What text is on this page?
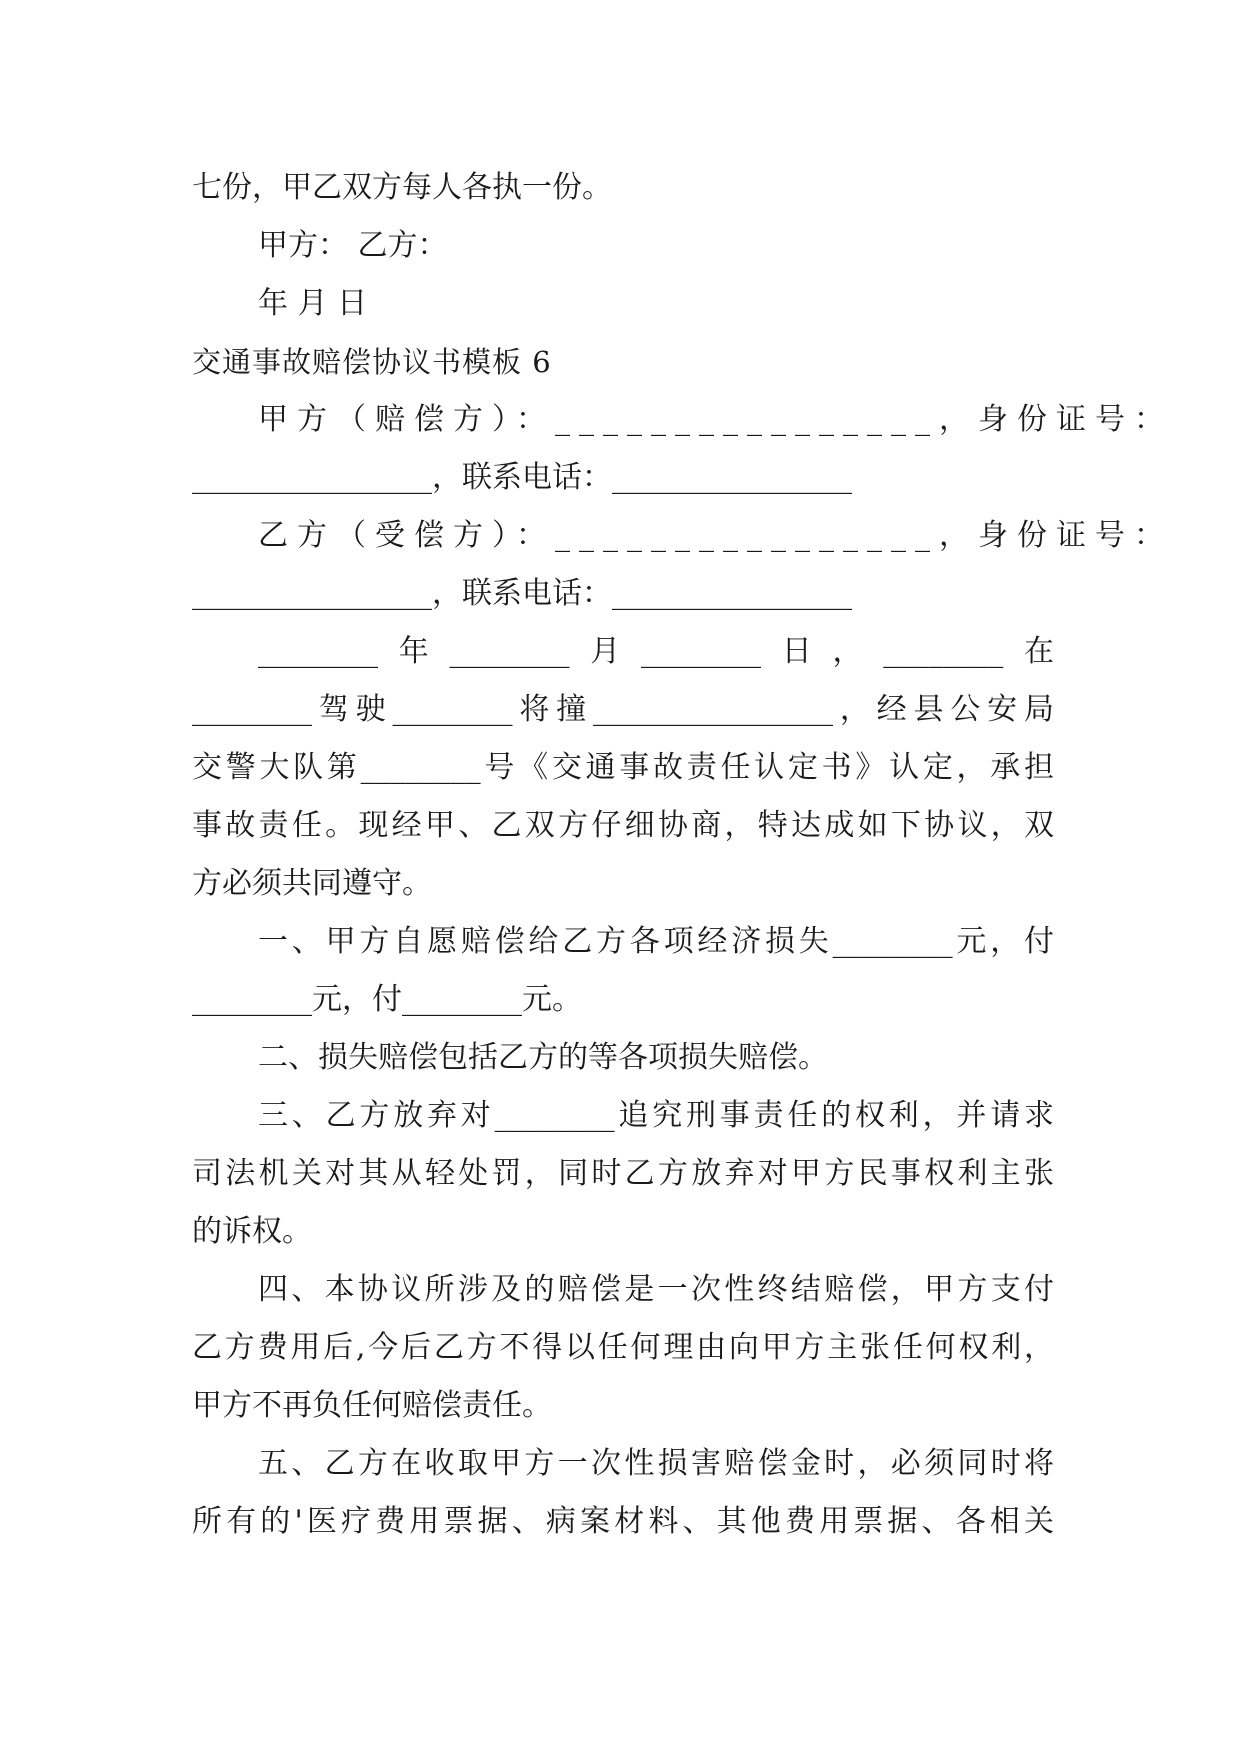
七份，甲乙双方每人各执一份。
甲方： 乙方：
年 月 日
交通事故赔偿协议书模板 6
甲方（赔偿方）：________________，身份证号：
________________，联系电话：________________
乙方（受偿方）：________________，身份证号：
________________，联系电话：________________
________年________月________日，________在
________驾驶________将撞________________，经县公安局
交警大队第________号《交通事故责任认定书》认定，承担
事故责任。现经甲、乙双方仔细协商，特达成如下协议，双
方必须共同遵守。
一、甲方自愿赔偿给乙方各项经济损失________元，付
________元，付________元。
二、损失赔偿包括乙方的等各项损失赔偿。
三、乙方放弃对________追究刑事责任的权利，并请求
司法机关对其从轻处罚，同时乙方放弃对甲方民事权利主张
的诉权。
四、本协议所涉及的赔偿是一次性终结赔偿，甲方支付
乙方费用后,今后乙方不得以任何理由向甲方主张任何权利，
甲方不再负任何赔偿责任。
五、乙方在收取甲方一次性损害赔偿金时，必须同时将
所有的'医疗费用票据、病案材料、其他费用票据、各相关
